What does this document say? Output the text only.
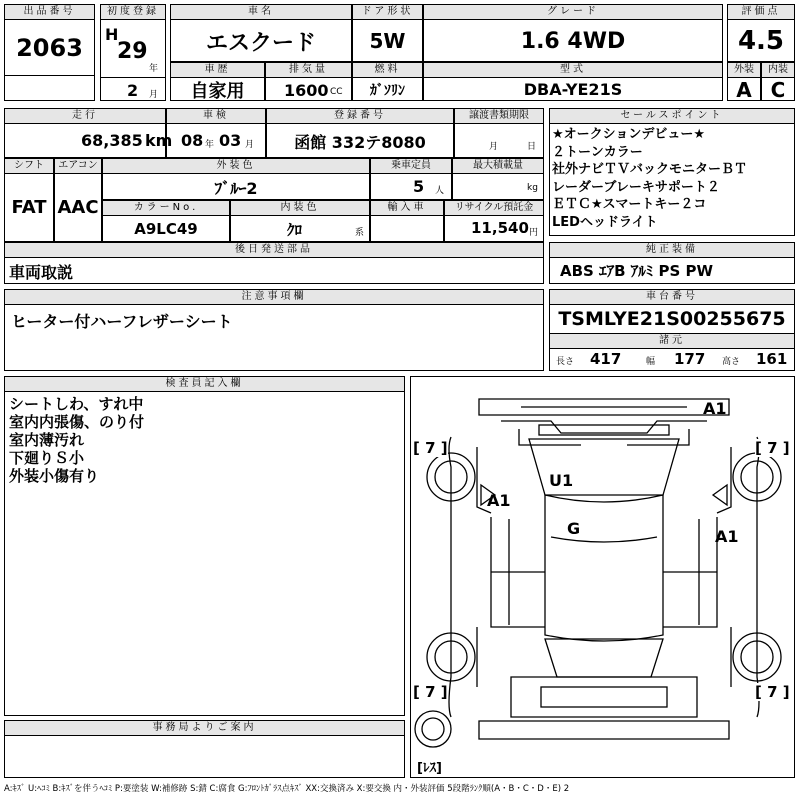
出品番号
2063
初度登録
H
29
年
2 月
車名
エスクード
ドア形状
5W
グレード
1.6 4WD
評価点
4.5
車歴
自家用
排気量
1600 CC
燃料
ｶﾞｿﾘﾝ
型式
DBA-YE21S
外装
A
内装
C
走行
68,385 km
車検
08 年 03 月
登録番号
函館 332テ8080
譲渡書類期限
月	日
セールスポイント
★オークションデビュー★
２トーンカラー
社外ナビＴＶバックモニターＢＴ
レーダーブレーキサポート２
ＥＴＣ★スマートキー２コ
LEDヘッドライト
シフト
FAT
エアコン
AAC
外装色
ﾌﾞﾙｰ2
乗車定員
5 人
最大積載量
kg
カラーNo.
A9LC49
内装色
ｸﾛ	系
輸入車	リサイクル預託金
11,540 円
後日発送部品
車両取説
純正装備
ABS ｴｱB ｱﾙﾐ PS PW
注意事項欄
ヒーター付ハーフレザーシート
車台番号
TSMLYE21S00255675
諸元
長さ 417	幅 177 高さ 161
検査員記入欄
シートしわ、すれ中
室内内張傷、のり付
室内薄汚れ
下廻りＳ小
外装小傷有り
事務局よりご案内
A1
A1
A1
U1
G
[ 7 ]	[ 7 ]
[ 7 ]	[ 7 ]
[ﾚｽ]
A:ｷｽﾞ U:ﾍｺﾐ B:ｷｽﾞを伴うﾍｺﾐ P:要塗装 W:補修跡 S:錆 C:腐食 G:ﾌﾛﾝﾄｶﾞﾗｽ点ｷｽﾞ XX:交換済み X:要交換 内・外装評価 5段階ﾗﾝｸ順(A・B・C・D・E) 2
